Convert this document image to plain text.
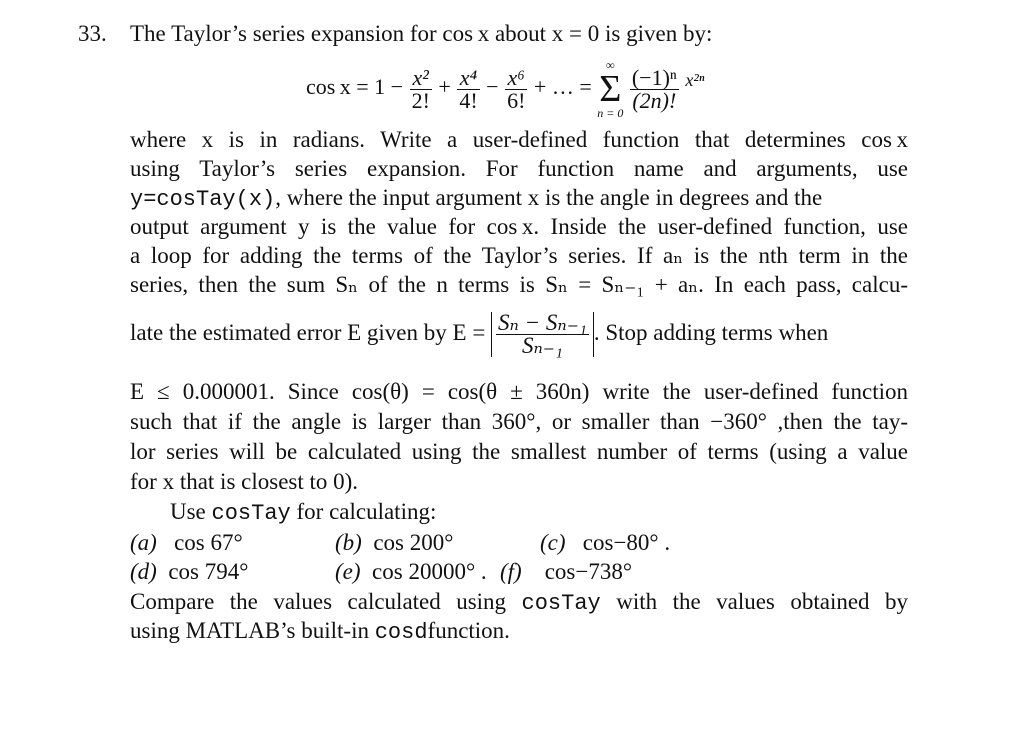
33. The Taylor’s series expansion for cos x about x = 0 is given by:
$\cos x = 1 - \frac{\text{x²}}{2!} + \frac{\text{x⁴}}{4!} - \frac{\text{x⁶}}{6!}$ + … =
∞
Σ
n = 0

$\frac{\text{(−1)ⁿ}}{(2n)!} ^{x^{2n}}$
where x is in radians. Write a user-defined function that determines cos x
using Taylor’s series expansion. For function name and arguments, use
y=cosTay(x), where the input argument x is the angle in degrees and the
output argument y is the value for cos x. Inside the user-defined function, use
a loop for adding the terms of the Taylor’s series. If aₙ is the nth term in the
series, then the sum Sₙ of the n terms is Sₙ = Sₙ₋₁ + aₙ. In each pass, calcu-
late the estimated error E given by $E = \frac{\text{Sₙ − Sₙ₋₁}}{\text{Sₙ₋₁}}$ . Stop adding terms when
E ≤ 0.000001. Since cos(θ) = cos(θ ± 360n) write the user-defined function
such that if the angle is larger than 360°, or smaller than −360° ,then the tay-
lor series will be calculated using the smallest number of terms (using a value
for x that is closest to 0).
Use cosTay for calculating:
(a) cos 67°	(b) cos 200°	(c) cos−80° .
(d) cos 794°	(e) cos 20000° . (f) cos−738°
Compare the values calculated using cosTay with the values obtained by
using MATLAB’s built-in cosdfunction.
